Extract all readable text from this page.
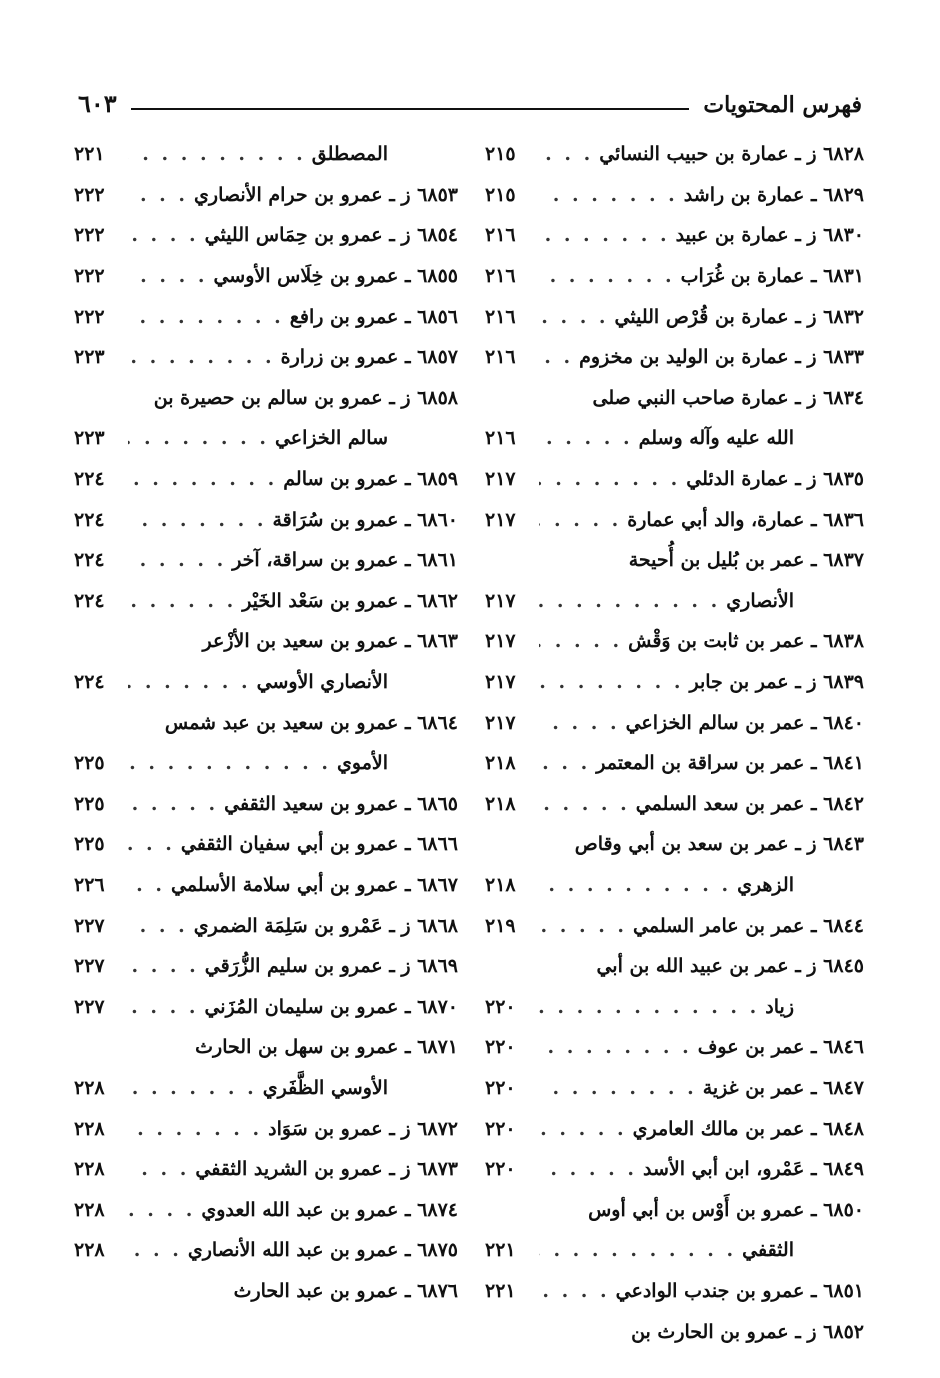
فهرس المحتويات
٦٠٣
٦٨٢٨ ز ـ عمارة بن حبيب النسائي
. . .
٢١٥
٦٨٢٩ ـ عمارة بن راشد
. . .
٢١٥
٦٨٣٠ ز ـ عمارة بن عبيد
. . .
٢١٦
٦٨٣١ ـ عمارة بن غُرَاب
. . .
٢١٦
٦٨٣٢ ز ـ عمارة بن قُرْص الليثي
. . .
٢١٦
٦٨٣٣ ز ـ عمارة بن الوليد بن مخزوم
. . .
٢١٦
٦٨٣٤ ز ـ عمارة صاحب النبي صلى
الله عليه وآله وسلم
. . .
٢١٦
٦٨٣٥ ز ـ عمارة الدئلي
. . .
٢١٧
٦٨٣٦ ـ عمارة، والد أبي عمارة
. . .
٢١٧
٦٨٣٧ ـ عمر بن بُليل بن أُحيحة
الأنصاري
. . .
٢١٧
٦٨٣٨ ـ عمر بن ثابت بن وَقْش
. . .
٢١٧
٦٨٣٩ ز ـ عمر بن جابر
. . .
٢١٧
٦٨٤٠ ـ عمر بن سالم الخزاعي
. . .
٢١٧
٦٨٤١ ـ عمر بن سراقة بن المعتمر
. . .
٢١٨
٦٨٤٢ ـ عمر بن سعد السلمي
. . .
٢١٨
٦٨٤٣ ز ـ عمر بن سعد بن أبي وقاص
الزهري
. . .
٢١٨
٦٨٤٤ ـ عمر بن عامر السلمي
. . .
٢١٩
٦٨٤٥ ز ـ عمر بن عبيد الله بن أبي
زياد
. . .
٢٢٠
٦٨٤٦ ـ عمر بن عوف
. . .
٢٢٠
٦٨٤٧ ـ عمر بن غزية
. . .
٢٢٠
٦٨٤٨ ـ عمر بن مالك العامري
. . .
٢٢٠
٦٨٤٩ ـ عَمْرو، ابن أبي الأسد
. . .
٢٢٠
٦٨٥٠ ـ عمرو بن أَوْس بن أبي أوس
الثقفي
. . .
٢٢١
٦٨٥١ ـ عمرو بن جندب الوادعي
. . .
٢٢١
٦٨٥٢ ز ـ عمرو بن الحارث بن
المصطلق
. . .
٢٢١
٦٨٥٣ ز ـ عمرو بن حرام الأنصاري
. . .
٢٢٢
٦٨٥٤ ز ـ عمرو بن حِمَاس الليثي
. . .
٢٢٢
٦٨٥٥ ـ عمرو بن خِلَاس الأوسي
. . .
٢٢٢
٦٨٥٦ ـ عمرو بن رافع
. . .
٢٢٢
٦٨٥٧ ـ عمرو بن زرارة
. . .
٢٢٣
٦٨٥٨ ز ـ عمرو بن سالم بن حصيرة بن
سالم الخزاعي
. . .
٢٢٣
٦٨٥٩ ـ عمرو بن سالم
. . .
٢٢٤
٦٨٦٠ ـ عمرو بن سُرَاقة
. . .
٢٢٤
٦٨٦١ ـ عمرو بن سراقة، آخر
. . .
٢٢٤
٦٨٦٢ ـ عمرو بن سَعْد الخَيْر
. . .
٢٢٤
٦٨٦٣ ـ عمرو بن سعيد بن الأزْعر
الأنصاري الأوسي
. . .
٢٢٤
٦٨٦٤ ـ عمرو بن سعيد بن عبد شمس
الأموي
. . .
٢٢٥
٦٨٦٥ ـ عمرو بن سعيد الثقفي
. . .
٢٢٥
٦٨٦٦ ـ عمرو بن أبي سفيان الثقفي
. . .
٢٢٥
٦٨٦٧ ـ عمرو بن أبي سلامة الأسلمي
. . .
٢٢٦
٦٨٦٨ ز ـ عَمْرو بن سَلِمَة الضمري
. . .
٢٢٧
٦٨٦٩ ز ـ عمرو بن سليم الزُّرَقي
. . .
٢٢٧
٦٨٧٠ ـ عمرو بن سليمان المُزَني
. . .
٢٢٧
٦٨٧١ ـ عمرو بن سهل بن الحارث
الأوسي الظَّفَري
. . .
٢٢٨
٦٨٧٢ ز ـ عمرو بن سَوَاد
. . .
٢٢٨
٦٨٧٣ ز ـ عمرو بن الشريد الثقفي
. . .
٢٢٨
٦٨٧٤ ـ عمرو بن عبد الله العدوي
. . .
٢٢٨
٦٨٧٥ ـ عمرو بن عبد الله الأنصاري
. . .
٢٢٨
٦٨٧٦ ـ عمرو بن عبد الحارث
